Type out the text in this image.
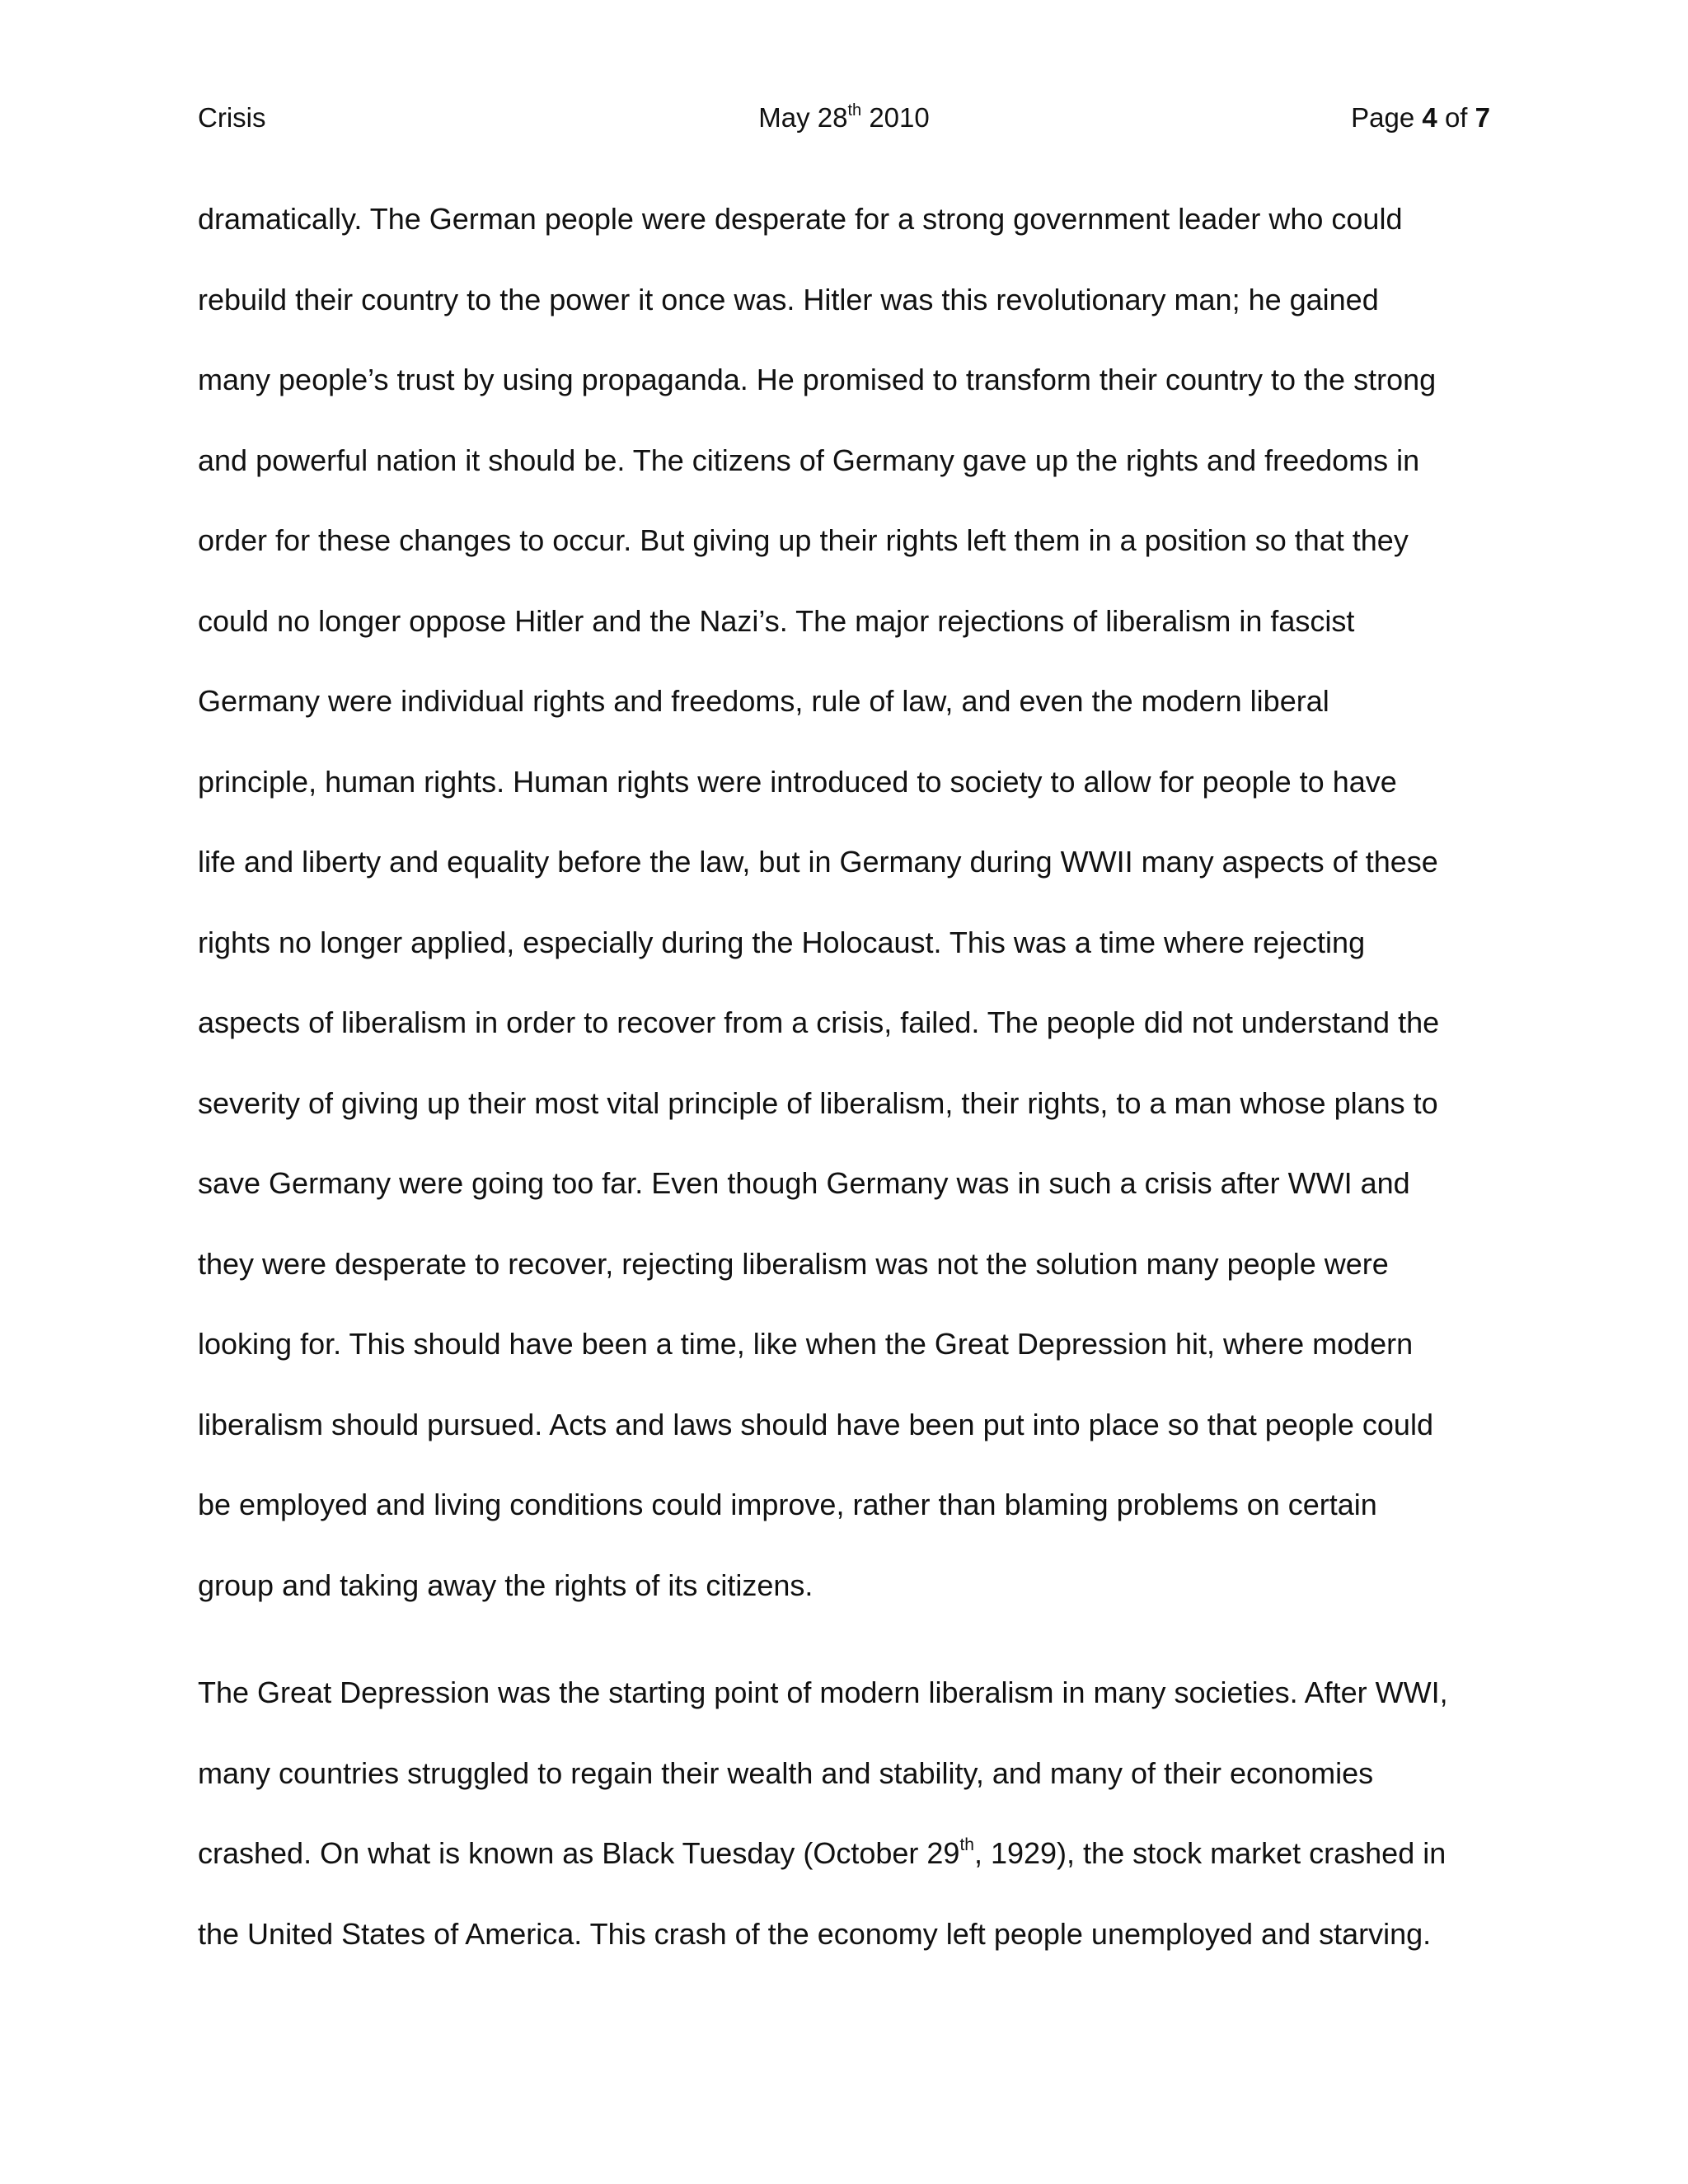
Crisis	May 28th 2010	Page 4 of 7
dramatically. The German people were desperate for a strong government leader who could
rebuild their country to the power it once was. Hitler was this revolutionary man; he gained
many people’s trust by using propaganda. He promised to transform their country to the strong
and powerful nation it should be. The citizens of Germany gave up the rights and freedoms in
order for these changes to occur. But giving up their rights left them in a position so that they
could no longer oppose Hitler and the Nazi’s. The major rejections of liberalism in fascist
Germany were individual rights and freedoms, rule of law, and even the modern liberal
principle, human rights. Human rights were introduced to society to allow for people to have
life and liberty and equality before the law, but in Germany during WWII many aspects of these
rights no longer applied, especially during the Holocaust. This was a time where rejecting
aspects of liberalism in order to recover from a crisis, failed. The people did not understand the
severity of giving up their most vital principle of liberalism, their rights, to a man whose plans to
save Germany were going too far. Even though Germany was in such a crisis after WWI and
they were desperate to recover, rejecting liberalism was not the solution many people were
looking for. This should have been a time, like when the Great Depression hit, where modern
liberalism should pursued. Acts and laws should have been put into place so that people could
be employed and living conditions could improve, rather than blaming problems on certain
group and taking away the rights of its citizens.
The Great Depression was the starting point of modern liberalism in many societies. After WWI,
many countries struggled to regain their wealth and stability, and many of their economies
crashed. On what is known as Black Tuesday (October 29th, 1929), the stock market crashed in
the United States of America. This crash of the economy left people unemployed and starving.
